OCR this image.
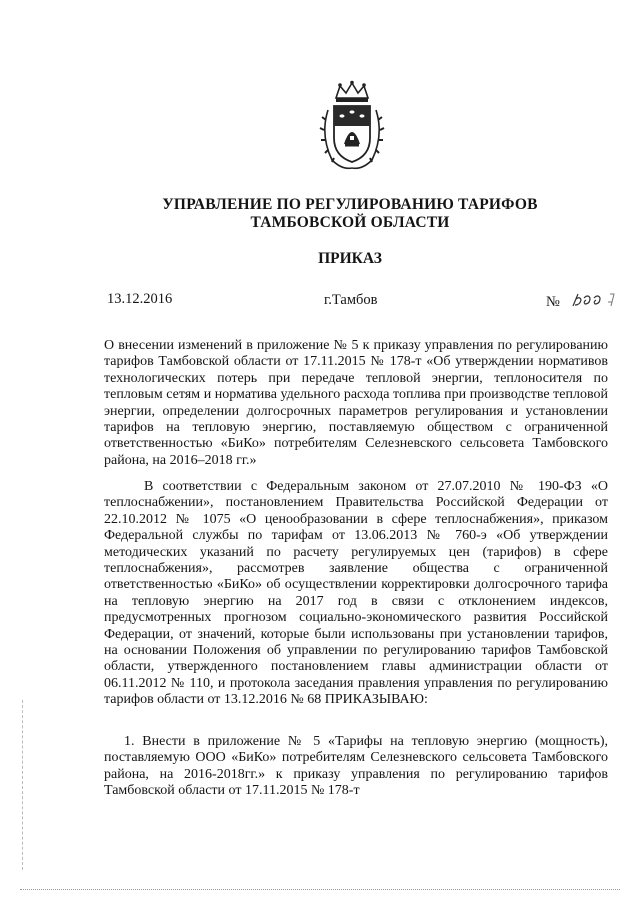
УПРАВЛЕНИЕ ПО РЕГУЛИРОВАНИЮ ТАРИФОВ
ТАМБОВСКОЙ ОБЛАСТИ
ПРИКАЗ
13.12.2016	г.Тамбов	№
О внесении изменений в приложение № 5 к приказу управления по регулированию тарифов Тамбовской области от 17.11.2015 № 178-т «Об утверждении нормативов технологических потерь при передаче тепловой энергии, теплоносителя по тепловым сетям и норматива удельного расхода топлива при производстве тепловой энергии, определении долгосрочных параметров регулирования и установлении тарифов на тепловую энергию, поставляемую обществом с ограниченной ответственностью «БиКо» потребителям Селезневского сельсовета Тамбовского района, на 2016–2018 гг.»
В соответствии с Федеральным законом от 27.07.2010 № 190-ФЗ «О теплоснабжении», постановлением Правительства Российской Федерации от 22.10.2012 № 1075 «О ценообразовании в сфере теплоснабжения», приказом Федеральной службы по тарифам от 13.06.2013 № 760-э «Об утверждении методических указаний по расчету регулируемых цен (тарифов) в сфере теплоснабжения», рассмотрев заявление общества с ограниченной ответственностью «БиКо» об осуществлении корректировки долгосрочного тарифа на тепловую энергию на 2017 год в связи с отклонением индексов, предусмотренных прогнозом социально-экономического развития Российской Федерации, от значений, которые были использованы при установлении тарифов, на основании Положения об управлении по регулированию тарифов Тамбовской области, утвержденного постановлением главы администрации области от 06.11.2012 № 110, и протокола заседания правления управления по регулированию тарифов области от 13.12.2016 № 68 ПРИКАЗЫВАЮ:
1. Внести в приложение № 5 «Тарифы на тепловую энергию (мощность), поставляемую ООО «БиКо» потребителям Селезневского сельсовета Тамбовского района, на 2016-2018гг.» к приказу управления по регулированию тарифов Тамбовской области от 17.11.2015 № 178-т
